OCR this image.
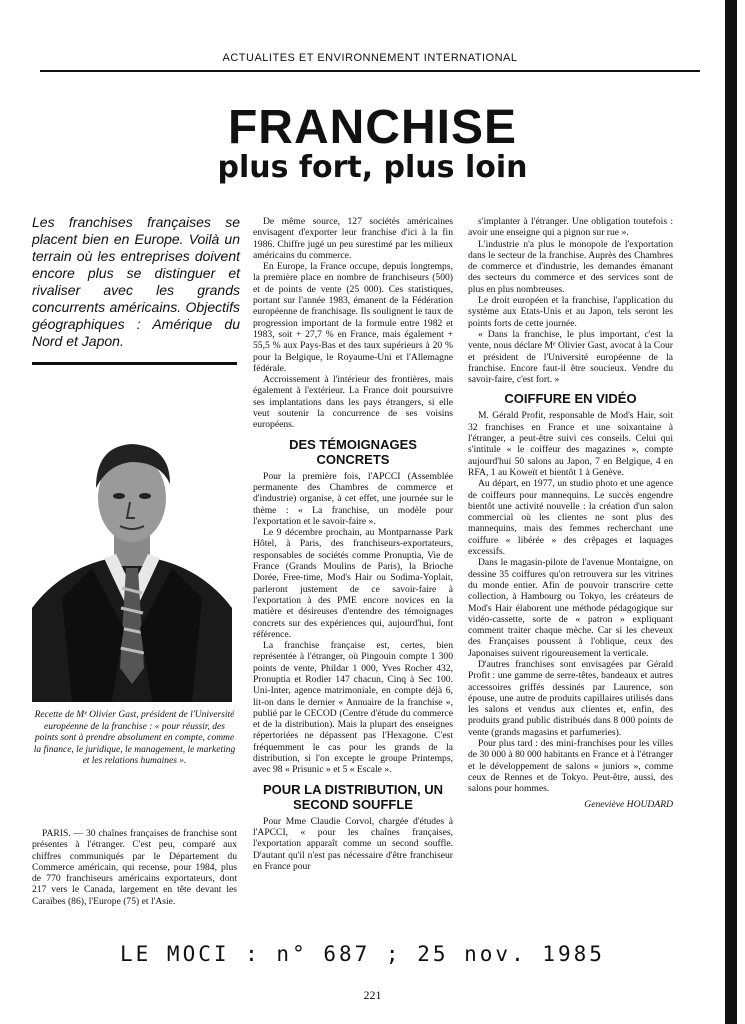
ACTUALITES ET ENVIRONNEMENT INTERNATIONAL
FRANCHISE
plus fort, plus loin
Les franchises françaises se placent bien en Europe. Voilà un terrain où les entreprises doivent encore plus se distinguer et rivaliser avec les grands concurrents américains. Objectifs géographiques : Amérique du Nord et Japon.
Recette de Mᵉ Olivier Gast, président de l'Université européenne de la franchise : « pour réussir, des points sont à prendre absolument en compte, comme la finance, le juridique, le management, le marketing et les relations humaines ».

PARIS. — 30 chaînes françaises de franchise sont présentes à l'étranger. C'est peu, comparé aux chiffres communiqués par le Département du Commerce américain, qui recense, pour 1984, plus de 770 franchiseurs américains exportateurs, dont 217 vers le Canada, largement en tête devant les Caraïbes (86), l'Europe (75) et l'Asie.

De même source, 127 sociétés américaines envisagent d'exporter leur franchise d'ici à la fin 1986. Chiffre jugé un peu surestimé par les milieux américains du commerce.

En Europe, la France occupe, depuis longtemps, la première place en nombre de franchiseurs (500) et de points de vente (25 000). Ces statistiques, portant sur l'année 1983, émanent de la Fédération européenne de franchisage. Ils soulignent le taux de progression important de la formule entre 1982 et 1983, soit + 27,7 % en France, mais également + 55,5 % aux Pays-Bas et des taux supérieurs à 20 % pour la Belgique, le Royaume-Uni et l'Allemagne fédérale.

Accroissement à l'intérieur des frontières, mais également à l'extérieur. La France doit poursuivre ses implantations dans les pays étrangers, si elle veut soutenir la concurrence de ses voisins européens.

DES TÉMOIGNAGES CONCRETS

Pour la première fois, l'APCCI (Assemblée permanente des Chambres de commerce et d'industrie) organise, à cet effet, une journée sur le thème : « La franchise, un modèle pour l'exportation et le savoir-faire ».

Le 9 décembre prochain, au Montparnasse Park Hôtel, à Paris, des franchiseurs-exportateurs, responsables de sociétés comme Pronuptia, Vie de France (Grands Moulins de Paris), la Brioche Dorée, Free-time, Mod's Hair ou Sodima-Yoplait, parleront justement de ce savoir-faire à l'exportation à des PME encore novices en la matière et désireuses d'entendre des témoignages concrets sur des expériences qui, aujourd'hui, font référence.

La franchise française est, certes, bien représentée à l'étranger, où Pingouin compte 1 300 points de vente, Phildar 1 000, Yves Rocher 432, Pronuptia et Rodier 147 chacun, Cinq à Sec 100. Uni-Inter, agence matrimoniale, en compte déjà 6, lit-on dans le dernier « Annuaire de la franchise », publié par le CECOD (Centre d'étude du commerce et de la distribution). Mais la plupart des enseignes répertoriées ne dépassent pas l'Hexagone. C'est fréquemment le cas pour les grands de la distribution, si l'on excepte le groupe Printemps, avec 98 « Prisunic » et 5 « Escale ».

POUR LA DISTRIBUTION, UN SECOND SOUFFLE

Pour Mme Claudie Corvol, chargée d'études à l'APCCI, « pour les chaînes françaises, l'exportation apparaît comme un second souffle. D'autant qu'il n'est pas nécessaire d'être franchiseur en France pour

s'implanter à l'étranger. Une obligation toutefois : avoir une enseigne qui a pignon sur rue ».

L'industrie n'a plus le monopole de l'exportation dans le secteur de la franchise. Auprès des Chambres de commerce et d'industrie, les demandes émanant des secteurs du commerce et des services sont de plus en plus nombreuses.

Le droit européen et la franchise, l'application du système aux Etats-Unis et au Japon, tels seront les points forts de cette journée.

« Dans la franchise, le plus important, c'est la vente, nous déclare Mᵉ Olivier Gast, avocat à la Cour et président de l'Université européenne de la franchise. Encore faut-il être soucieux. Vendre du savoir-faire, c'est fort. »

COIFFURE EN VIDÉO

M. Gérald Profit, responsable de Mod's Hair, soit 32 franchises en France et une soixantaine à l'étranger, a peut-être suivi ces conseils. Celui qui s'intitule « le coiffeur des magazines », compte aujourd'hui 50 salons au Japon, 7 en Belgique, 4 en RFA, 1 au Koweït et bientôt 1 à Genève.

Au départ, en 1977, un studio photo et une agence de coiffeurs pour mannequins. Le succès engendre bientôt une activité nouvelle : la création d'un salon commercial où les clientes ne sont plus des mannequins, mais des femmes recherchant une coiffure « libérée » des crêpages et laquages excessifs.

Dans le magasin-pilote de l'avenue Montaigne, on dessine 35 coiffures qu'on retrouvera sur les vitrines du monde entier. Afin de pouvoir transcrire cette collection, à Hambourg ou Tokyo, les créateurs de Mod's Hair élaborent une méthode pédagogique sur vidéo-cassette, sorte de « patron » expliquant comment traiter chaque mèche. Car si les cheveux des Françaises poussent à l'oblique, ceux des Japonaises suivent rigoureusement la verticale.

D'autres franchises sont envisagées par Gérald Profit : une gamme de serre-têtes, bandeaux et autres accessoires griffés dessinés par Laurence, son épouse, une autre de produits capillaires utilisés dans les salons et vendus aux clientes et, enfin, des produits grand public distribués dans 8 000 points de vente (grands magasins et parfumeries).

Pour plus tard : des mini-franchises pour les villes de 30 000 à 80 000 habitants en France et à l'étranger et le développement de salons « juniors », comme ceux de Rennes et de Tokyo. Peut-être, aussi, des salons pour hommes.

Geneviève HOUDARD

LE MOCI : n° 687 ; 25 nov. 1985
221
